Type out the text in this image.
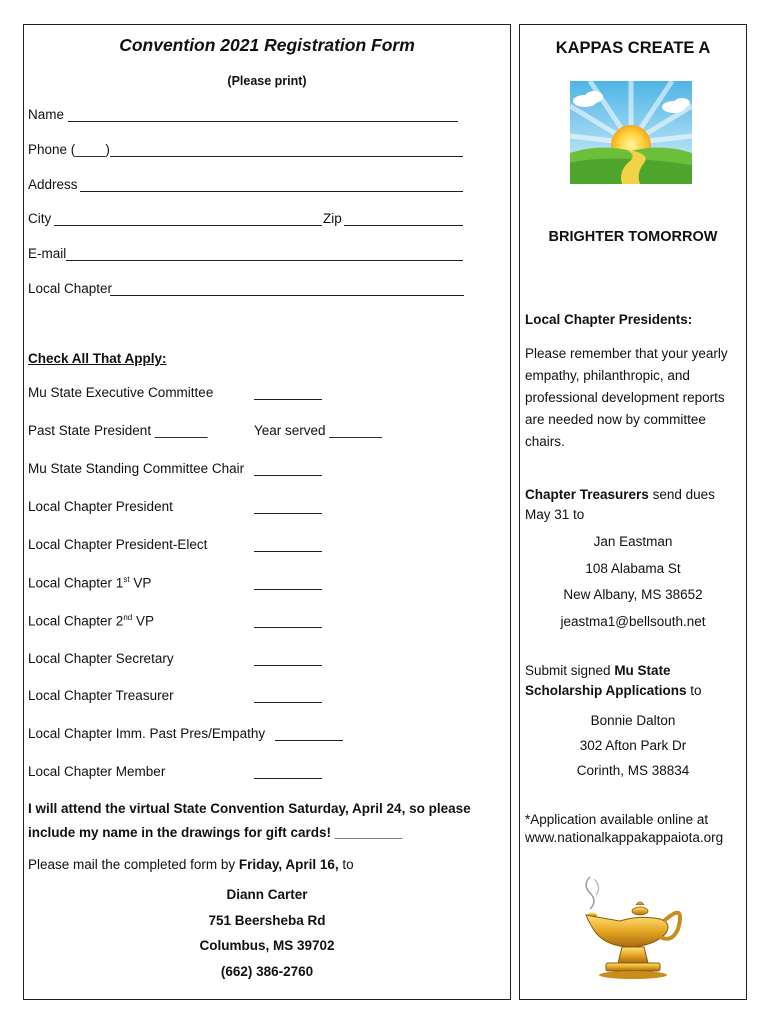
Convention 2021 Registration Form
(Please print)
Name
Phone (____)
Address
City	Zip
E-mail
Local Chapter
Check All That Apply:
Mu State Executive Committee
Past State President _______	Year served _______
Mu State Standing Committee Chair
Local Chapter President
Local Chapter President-Elect
Local Chapter 1st VP
Local Chapter 2nd VP
Local Chapter Secretary
Local Chapter Treasurer
Local Chapter Imm. Past Pres/Empathy
Local Chapter Member
I will attend the virtual State Convention Saturday, April 24, so please
include my name in the drawings for gift cards! _________
Please mail the completed form by Friday, April 16, to
Diann Carter
751 Beersheba Rd
Columbus, MS 39702
(662) 386-2760
KAPPAS CREATE A
BRIGHTER TOMORROW
Local Chapter Presidents:
Please remember that your yearly empathy, philanthropic, and professional development reports are needed now by committee chairs.
Chapter Treasurers send dues May 31 to
Jan Eastman
108 Alabama St
New Albany, MS 38652
jeastma1@bellsouth.net
Submit signed Mu State Scholarship Applications to
Bonnie Dalton
302 Afton Park Dr
Corinth, MS 38834
*Application available online at www.nationalkappakappaiota.org
